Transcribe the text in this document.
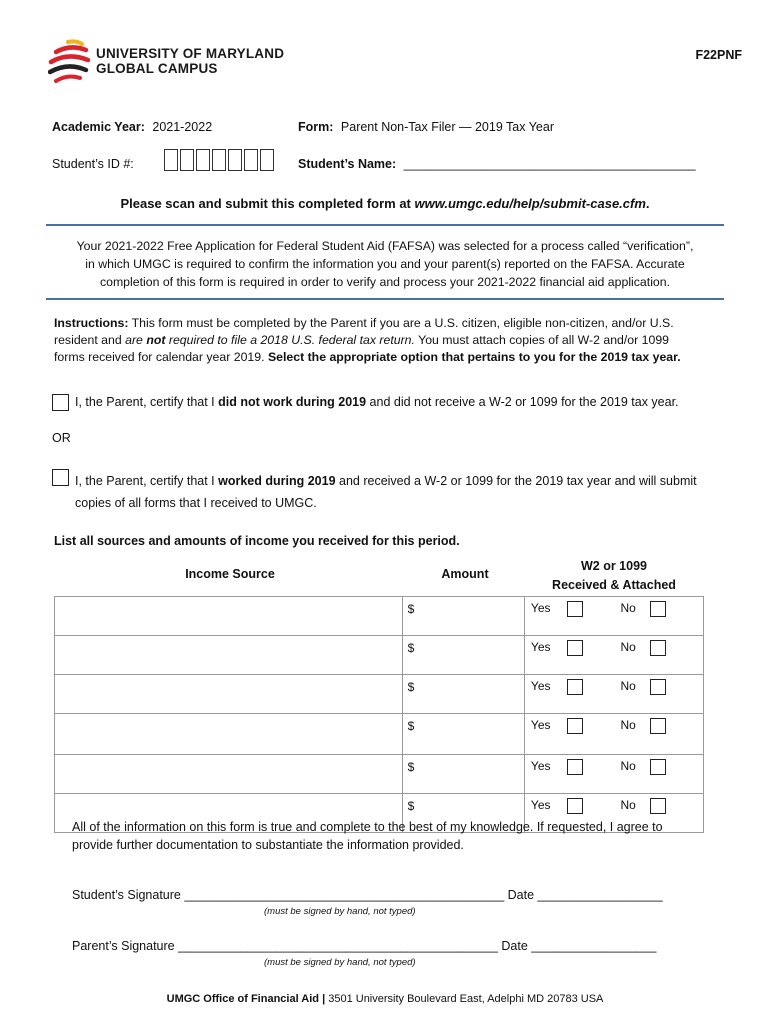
UNIVERSITY OF MARYLAND
GLOBAL CAMPUS
F22PNF
Academic Year: 2021-2022	Form: Parent Non-Tax Filer — 2019 Tax Year
Student’s ID #:	Student’s Name: __________________________________________
Please scan and submit this completed form at www.umgc.edu/help/submit-case.cfm.
Your 2021-2022 Free Application for Federal Student Aid (FAFSA) was selected for a process called “verification”,
in which UMGC is required to confirm the information you and your parent(s) reported on the FAFSA. Accurate
completion of this form is required in order to verify and process your 2021-2022 financial aid application.
Instructions: This form must be completed by the Parent if you are a U.S. citizen, eligible non-citizen, and/or U.S.
resident and are not required to file a 2018 U.S. federal tax return. You must attach copies of all W-2 and/or 1099
forms received for calendar year 2019. Select the appropriate option that pertains to you for the 2019 tax year.
I, the Parent, certify that I did not work during 2019 and did not receive a W-2 or 1099 for the 2019 tax year.
OR
I, the Parent, certify that I worked during 2019 and received a W-2 or 1099 for the 2019 tax year and will submit
copies of all forms that I received to UMGC.
List all sources and amounts of income you received for this period.
Income Source	Amount
W2 or 1099
Received & Attached
	$	Yes No
	$	Yes No
	$	Yes No
	$	Yes No
	$	Yes No
	$	Yes No
All of the information on this form is true and complete to the best of my knowledge. If requested, I agree to
provide further documentation to substantiate the information provided.
Student’s Signature ______________________________________________ Date __________________
(must be signed by hand, not typed)
Parent’s Signature ______________________________________________ Date __________________
(must be signed by hand, not typed)
UMGC Office of Financial Aid | 3501 University Boulevard East, Adelphi MD 20783 USA
